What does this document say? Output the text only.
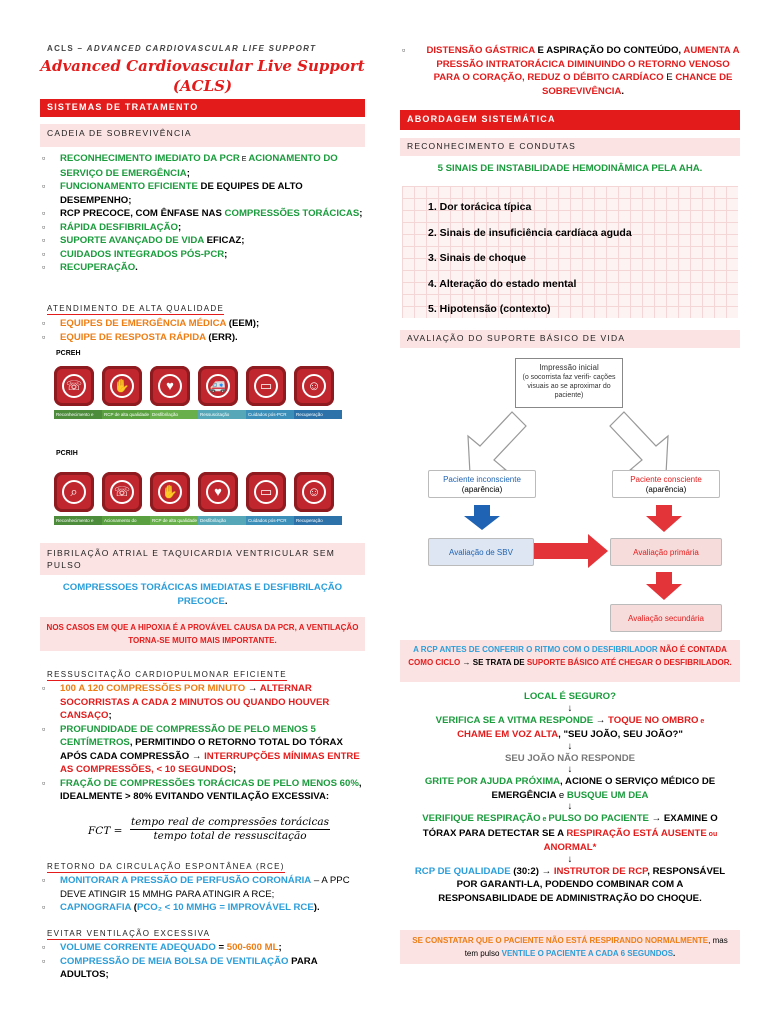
ACLS – ADVANCED CARDIOVASCULAR LIFE SUPPORT
Advanced Cardiovascular Live Support
(ACLS)
SISTEMAS DE TRATAMENTO
CADEIA DE SOBREVIVÊNCIA
▫ RECONHECIMENTO IMEDIATO DA PCR E ACIONAMENTO DO SERVIÇO DE EMERGÊNCIA;
▫ FUNCIONAMENTO EFICIENTE DE EQUIPES DE ALTO DESEMPENHO;
▫ RCP PRECOCE, COM ÊNFASE NAS COMPRESSÕES TORÁCICAS;
▫ RÁPIDA DESFIBRILAÇÃO;
▫ SUPORTE AVANÇADO DE VIDA EFICAZ;
▫ CUIDADOS INTEGRADOS PÓS-PCR;
▫ RECUPERAÇÃO.
ATENDIMENTO DE ALTA QUALIDADE
▫ EQUIPES DE EMERGÊNCIA MÉDICA (EEM);
▫ EQUIPE DE RESPOSTA RÁPIDA (ERR).
PCREH
☏	✋	♥	🚑	▭	☺
Reconhecimento e acionamento do serviço médico de emergência
RCP de alta qualidade Desfibrilação	Ressuscitação avançada
Cuidados pós-PCR	Recuperação
PCRIH
⌕	☏	✋	♥	▭	☺
Reconhecimento e prevenção precoces
Acionamento do serviço médico de emergência
RCP de alta qualidade Desfibrilação	Cuidados pós-PCR	Recuperação
FIBRILAÇÃO ATRIAL E TAQUICARDIA VENTRICULAR SEM PULSO
COMPRESSOES TORÁCICAS IMEDIATAS E DESFIBRILAÇÃO
PRECOCE.
NOS CASOS EM QUE A HIPOXIA É A PROVÁVEL CAUSA DA PCR, A VENTILAÇÃO TORNA-SE MUITO MAIS IMPORTANTE.
RESSUSCITAÇÃO CARDIOPULMONAR EFICIENTE
▫ 100 A 120 COMPRESSÕES POR MINUTO → ALTERNAR SOCORRISTAS A CADA 2 MINUTOS OU QUANDO HOUVER CANSAÇO;
▫ PROFUNDIDADE DE COMPRESSÃO DE PELO MENOS 5 CENTÍMETROS, PERMITINDO O RETORNO TOTAL DO TÓRAX APÓS CADA COMPRESSÃO → INTERRUPÇÕES MÍNIMAS ENTRE AS COMPRESSÕES, < 10 SEGUNDOS;
▫ FRAÇÃO DE COMPRESSÕES TORÁCICAS DE PELO MENOS 60%, IDEALMENTE > 80% EVITANDO VENTILAÇÃO EXCESSIVA:
FCT =
tempo real de compressões torácicas
tempo total de ressuscitação
RETORNO DA CIRCULAÇÃO ESPONTÂNEA (RCE)
▫ MONITORAR A PRESSÃO DE PERFUSÃO CORONÁRIA – A PPC DEVE ATINGIR 15 MMHG PARA ATINGIR A RCE;
▫ CAPNOGRAFIA (PCO₂ < 10 MMHG = IMPROVÁVEL RCE).
EVITAR VENTILAÇÃO EXCESSIVA
▫ VOLUME CORRENTE ADEQUADO = 500-600 ML;
▫ COMPRESSÃO DE MEIA BOLSA DE VENTILAÇÃO PARA ADULTOS;
▫ DISTENSÃO GÁSTRICA E ASPIRAÇÃO DO CONTEÚDO, AUMENTA A PRESSÃO INTRATORÁCICA DIMINUINDO O RETORNO VENOSO PARA O CORAÇÃO, REDUZ O DÉBITO CARDÍACO E CHANCE DE SOBREVIVÊNCIA.
ABORDAGEM SISTEMÁTICA
RECONHECIMENTO E CONDUTAS
5 SINAIS DE INSTABILIDADE HEMODINÂMICA PELA AHA.
1. Dor torácica típica
2. Sinais de insuficiência cardíaca aguda
3. Sinais de choque
4. Alteração do estado mental
5. Hipotensão (contexto)
AVALIAÇÃO DO SUPORTE BÁSICO DE VIDA
Impressão inicial
(o socorrista faz verifi- cações visuais ao se aproximar do paciente)
Paciente inconsciente
(aparência)
Paciente consciente
(aparência)
Avaliação de SBV	Avaliação primária
Avaliação secundária
A RCP ANTES DE CONFERIR O RITMO COM O DESFIBRILADOR NÃO É CONTADA COMO CICLO → SE TRATA DE SUPORTE BÁSICO ATÉ CHEGAR O DESFIBRILADOR.
LOCAL É SEGURO?
↓
VERIFICA SE A VITMA RESPONDE → TOQUE NO OMBRO e CHAME EM VOZ ALTA, "SEU JOÃO, SEU JOÃO?"
↓
SEU JOÃO NÃO RESPONDE
↓
GRITE POR AJUDA PRÓXIMA, ACIONE O SERVIÇO MÉDICO DE EMERGÊNCIA e BUSQUE UM DEA
↓
VERIFIQUE RESPIRAÇÃO e PULSO DO PACIENTE → EXAMINE O TÓRAX PARA DETECTAR SE A RESPIRAÇÃO ESTÁ AUSENTE ou ANORMAL*
↓
RCP DE QUALIDADE (30:2) → INSTRUTOR DE RCP, RESPONSÁVEL POR GARANTI-LA, PODENDO COMBINAR COM A RESPONSABILIDADE DE ADMINISTRAÇÃO DO CHOQUE.
SE CONSTATAR QUE O PACIENTE NÃO ESTÁ RESPIRANDO NORMALMENTE, mas tem pulso VENTILE O PACIENTE A CADA 6 SEGUNDOS.
